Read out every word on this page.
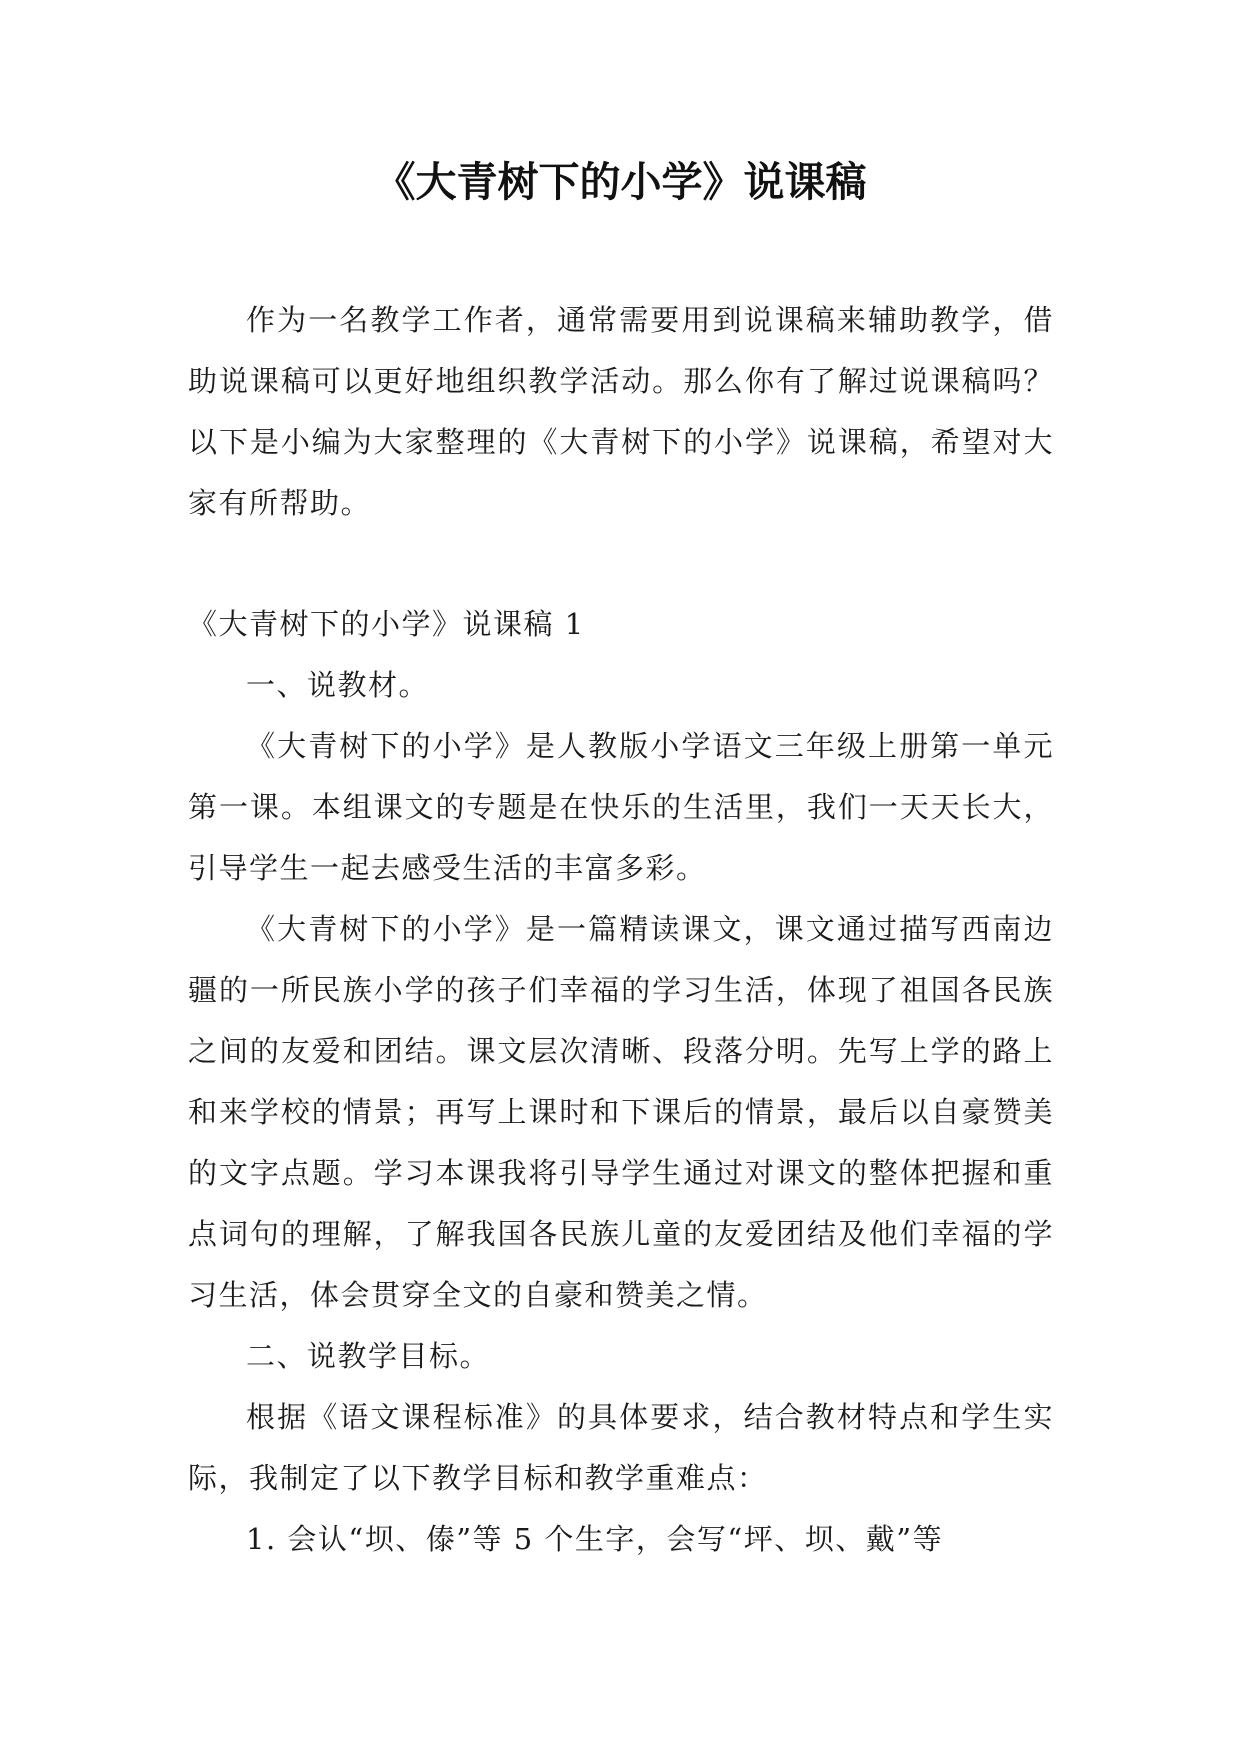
《大青树下的小学》说课稿

作为一名教学工作者，通常需要用到说课稿来辅助教学，借助说课稿可以更好地组织教学活动。那么你有了解过说课稿吗？以下是小编为大家整理的《大青树下的小学》说课稿，希望对大家有所帮助。

《大青树下的小学》说课稿 1

一、说教材。

《大青树下的小学》是人教版小学语文三年级上册第一单元第一课。本组课文的专题是在快乐的生活里，我们一天天长大，引导学生一起去感受生活的丰富多彩。

《大青树下的小学》是一篇精读课文，课文通过描写西南边疆的一所民族小学的孩子们幸福的学习生活，体现了祖国各民族之间的友爱和团结。课文层次清晰、段落分明。先写上学的路上和来学校的情景；再写上课时和下课后的情景，最后以自豪赞美的文字点题。学习本课我将引导学生通过对课文的整体把握和重点词句的理解，了解我国各民族儿童的友爱团结及他们幸福的学习生活，体会贯穿全文的自豪和赞美之情。

二、说教学目标。

根据《语文课程标准》的具体要求，结合教材特点和学生实际，我制定了以下教学目标和教学重难点：

1. 会认“坝、傣”等 5 个生字，会写“坪、坝、戴”等
